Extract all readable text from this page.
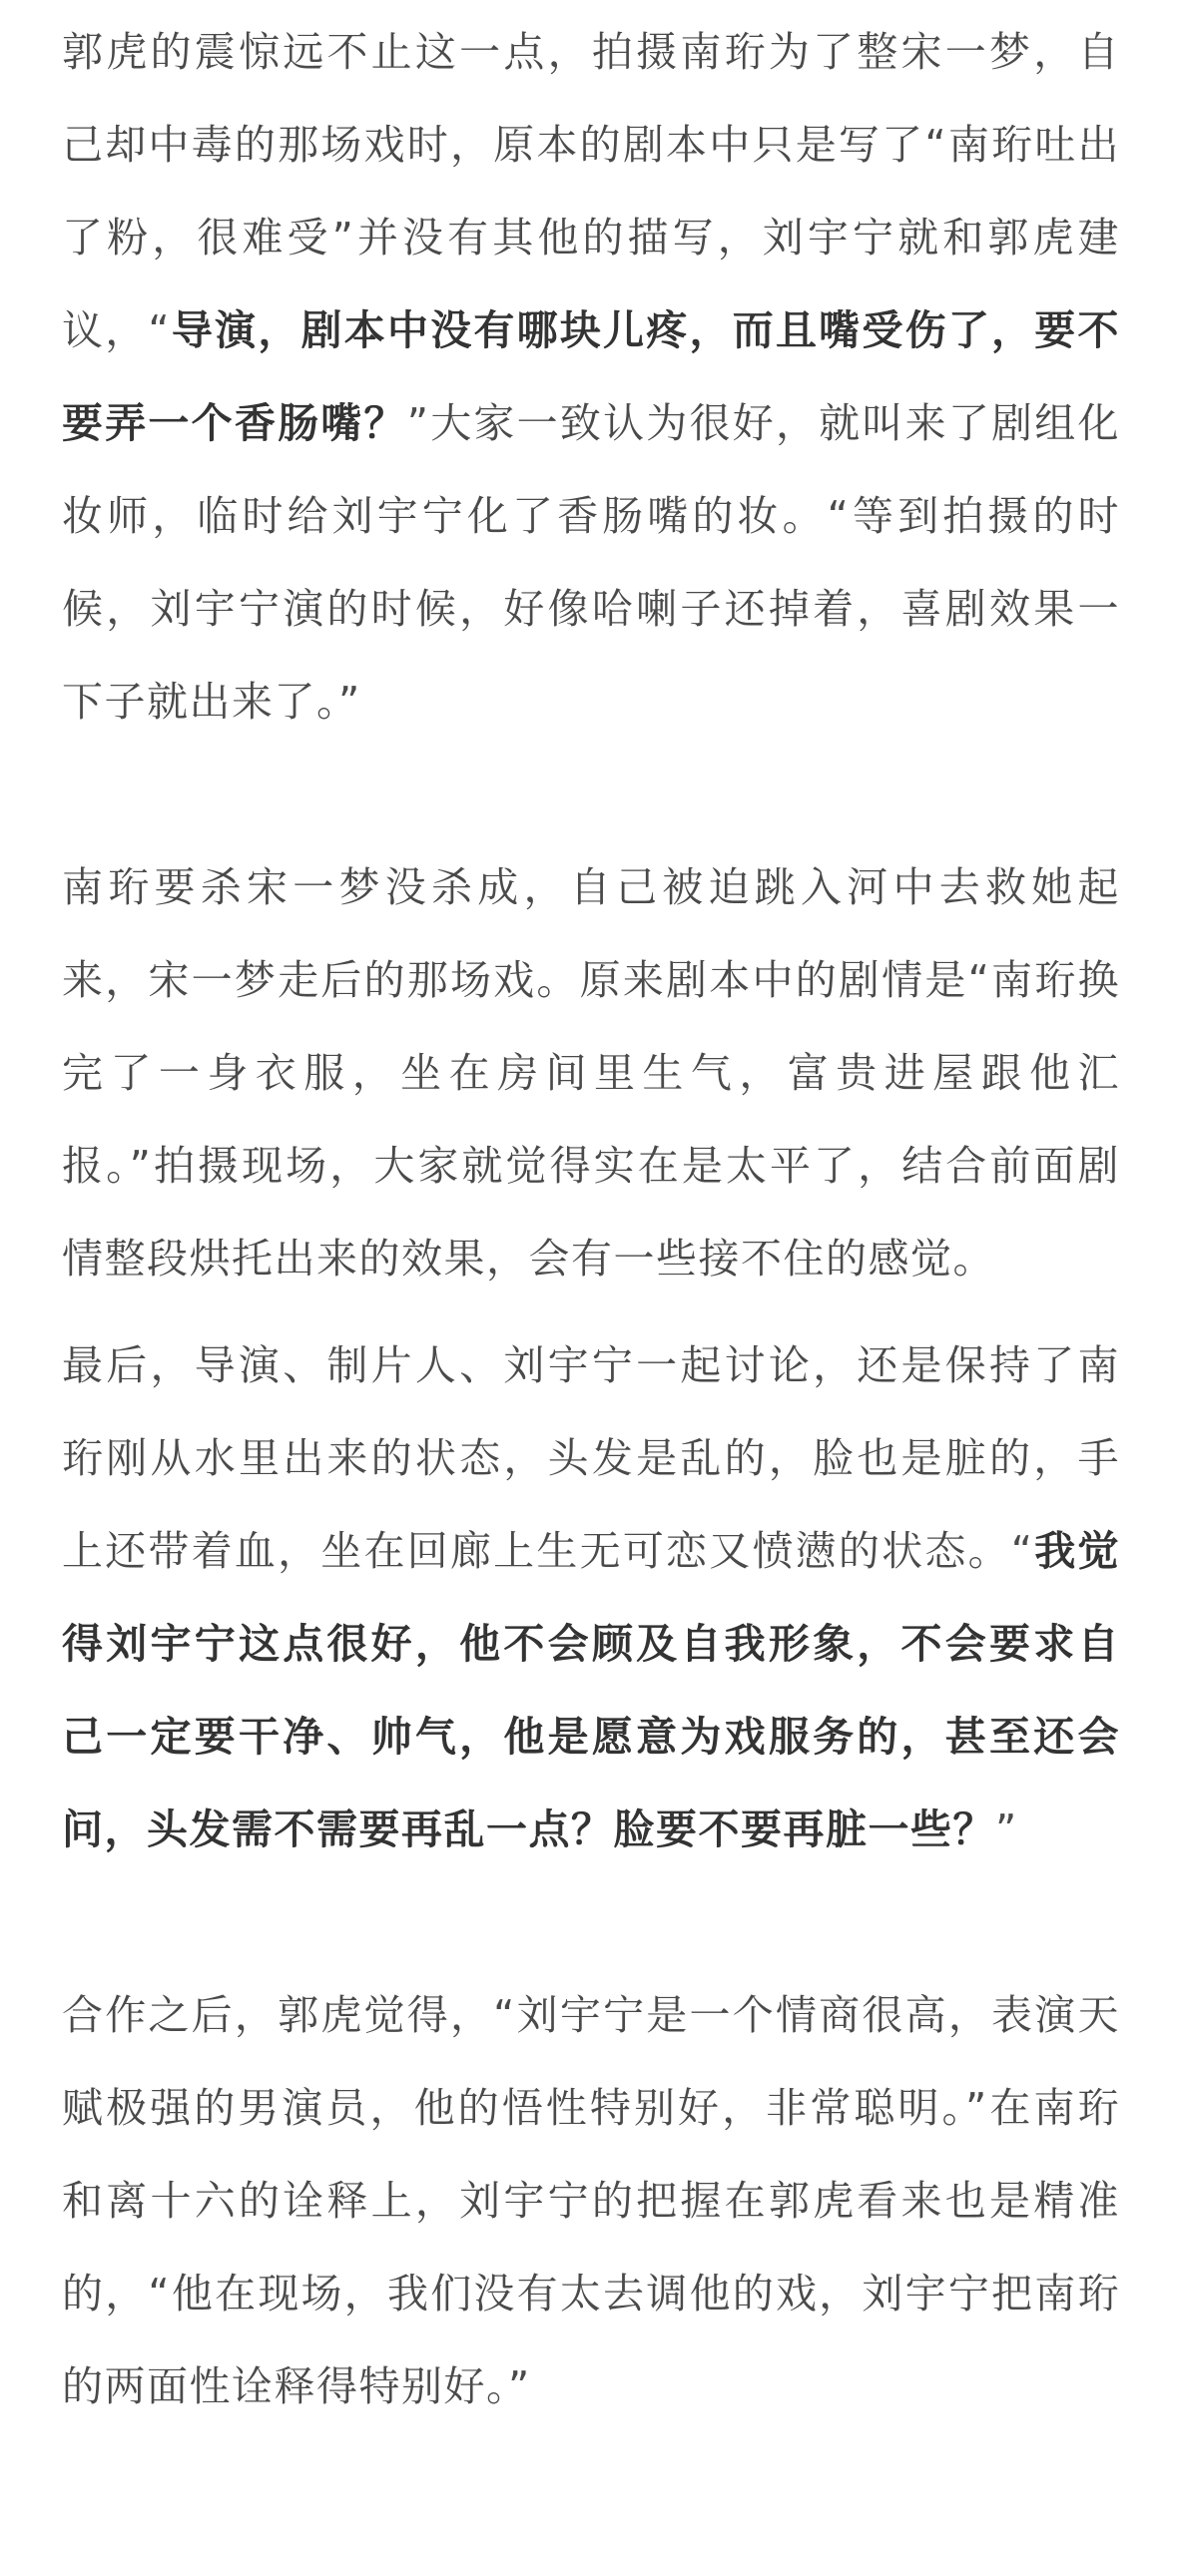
郭虎的震惊远不止这一点，拍摄南珩为了整宋一梦，自己却中毒的那场戏时，原本的剧本中只是写了“南珩吐出了粉，很难受”并没有其他的描写，刘宇宁就和郭虎建议，“导演，剧本中没有哪块儿疼，而且嘴受伤了，要不要弄一个香肠嘴？”大家一致认为很好，就叫来了剧组化妆师，临时给刘宇宁化了香肠嘴的妆。“等到拍摄的时候，刘宇宁演的时候，好像哈喇子还掉着，喜剧效果一下子就出来了。”

南珩要杀宋一梦没杀成，自己被迫跳入河中去救她起来，宋一梦走后的那场戏。原来剧本中的剧情是“南珩换完了一身衣服，坐在房间里生气，富贵进屋跟他汇报。”拍摄现场，大家就觉得实在是太平了，结合前面剧情整段烘托出来的效果，会有一些接不住的感觉。

最后，导演、制片人、刘宇宁一起讨论，还是保持了南珩刚从水里出来的状态，头发是乱的，脸也是脏的，手上还带着血，坐在回廊上生无可恋又愤懑的状态。“我觉得刘宇宁这点很好，他不会顾及自我形象，不会要求自己一定要干净、帅气，他是愿意为戏服务的，甚至还会问，头发需不需要再乱一点？脸要不要再脏一些？”

合作之后，郭虎觉得，“刘宇宁是一个情商很高，表演天赋极强的男演员，他的悟性特别好，非常聪明。”在南珩和离十六的诠释上，刘宇宁的把握在郭虎看来也是精准的，“他在现场，我们没有太去调他的戏，刘宇宁把南珩的两面性诠释得特别好。”
